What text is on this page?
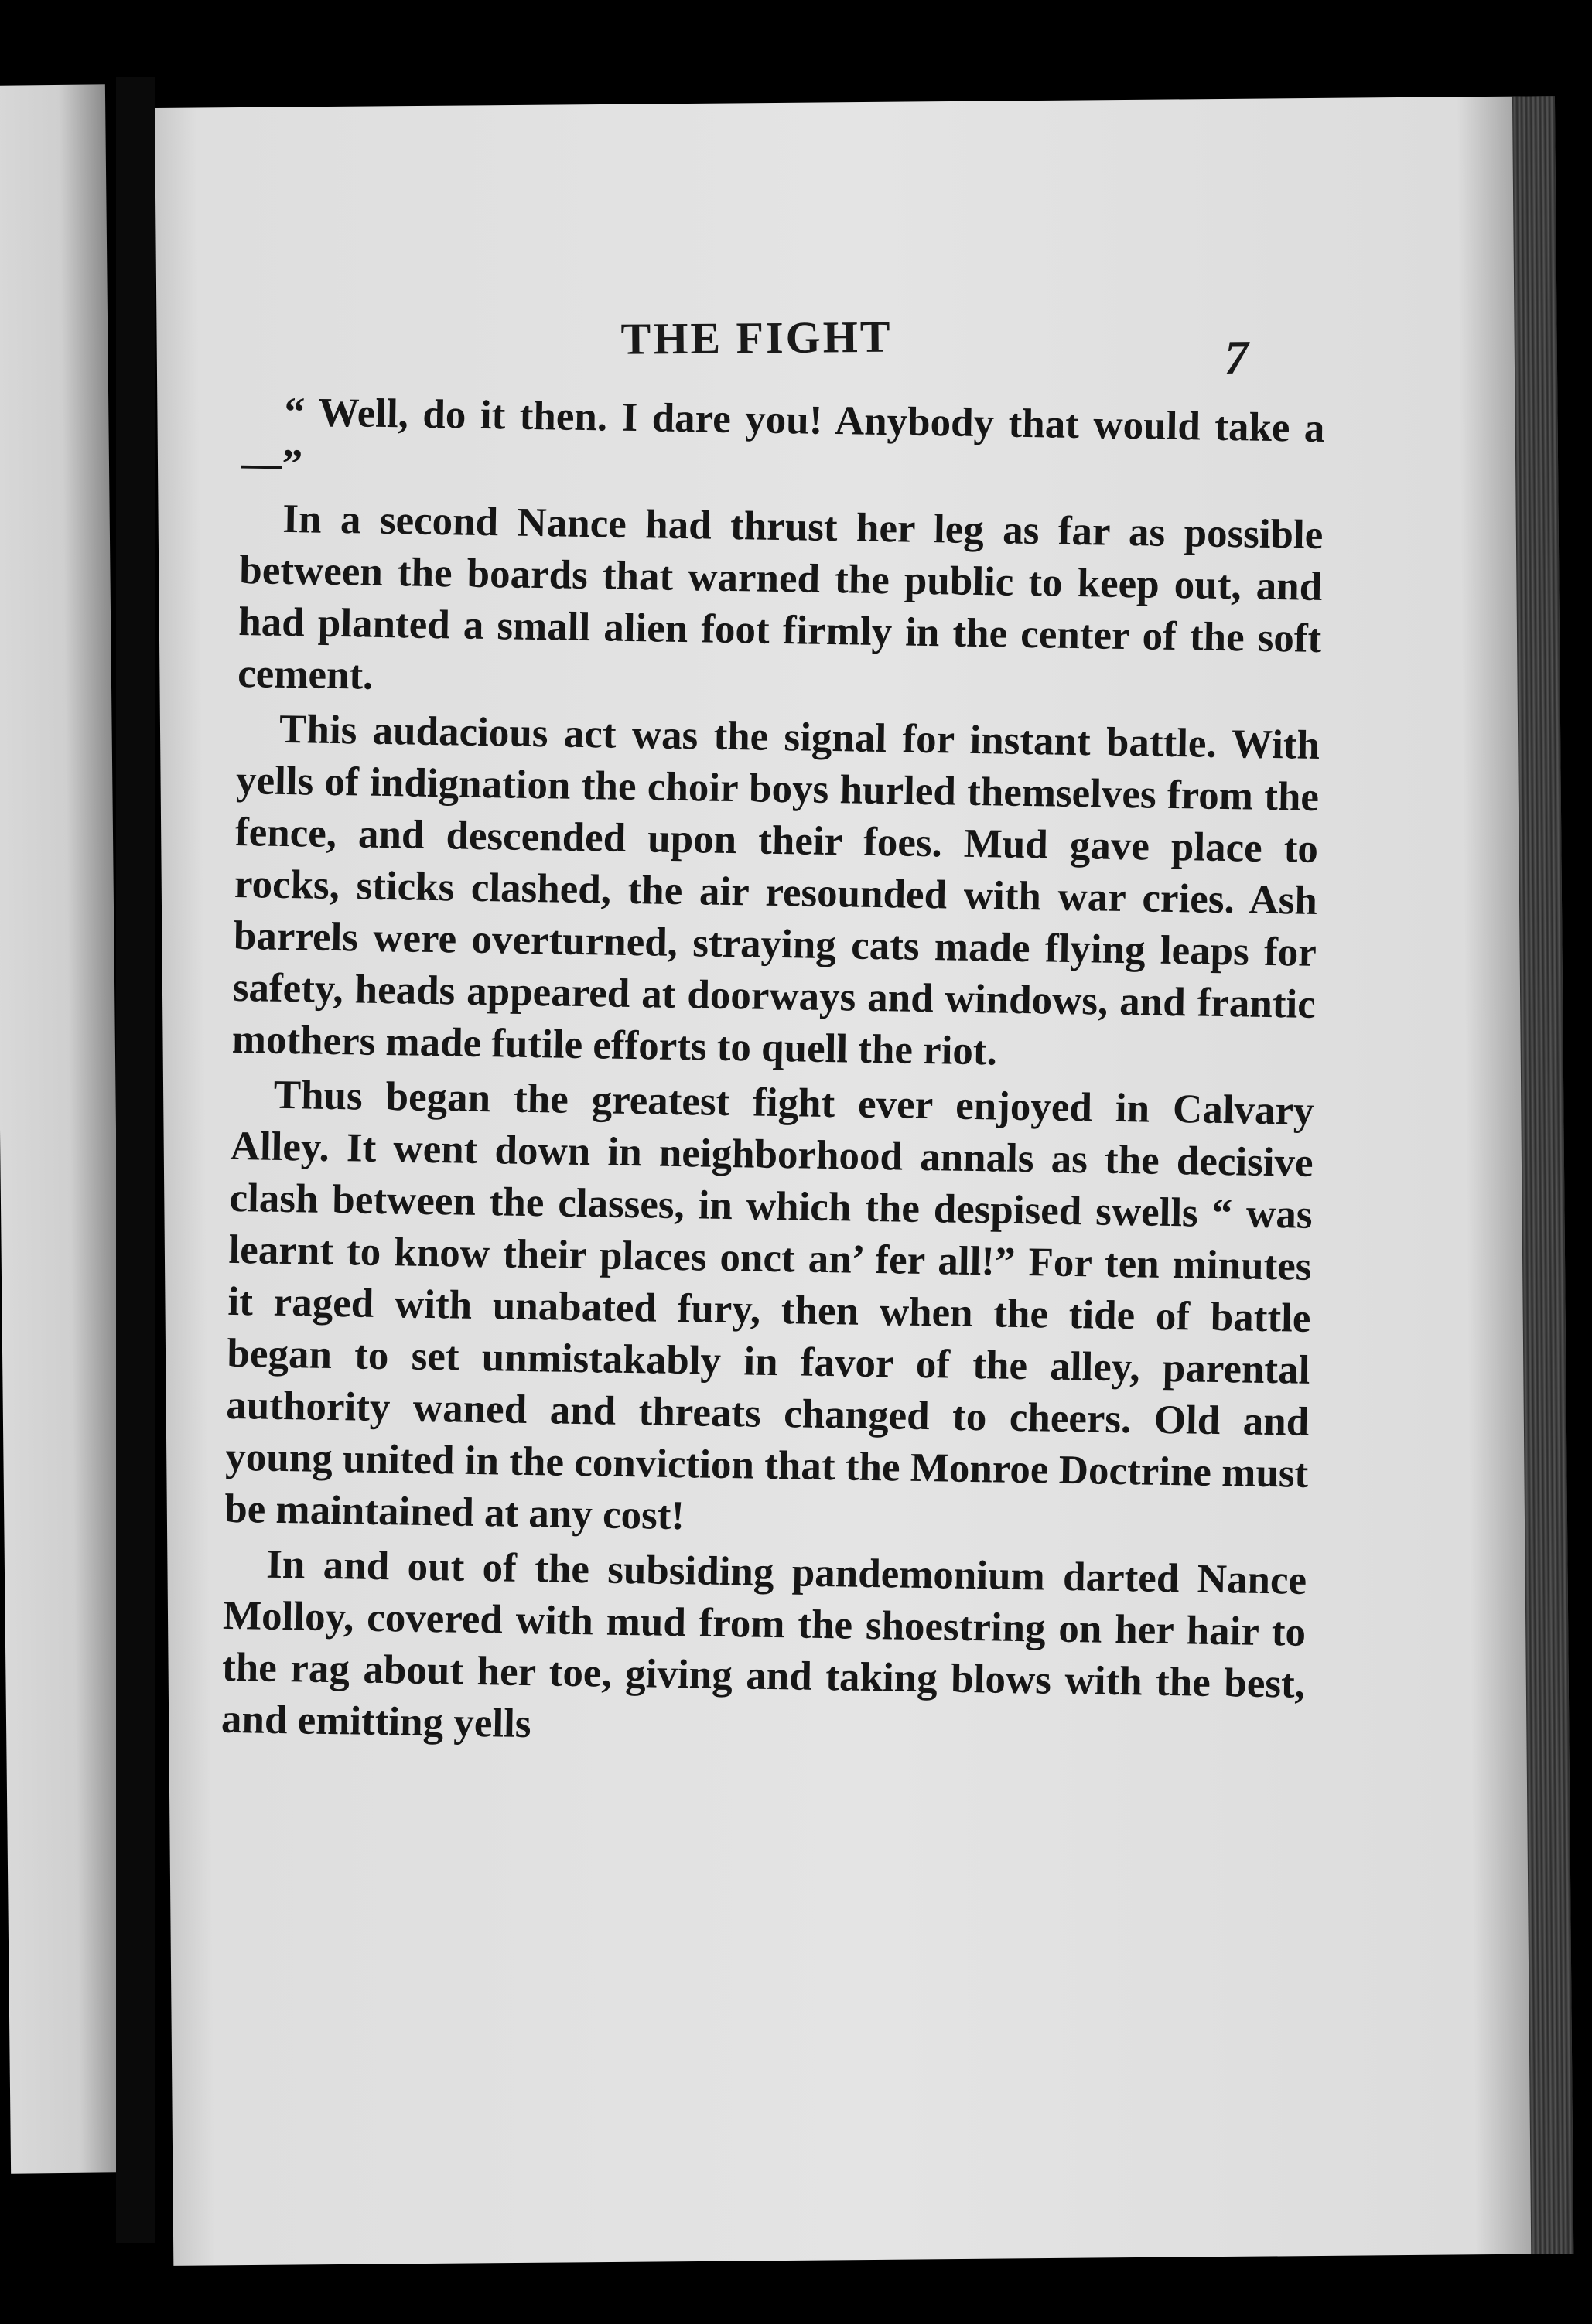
THE FIGHT	7

“ Well, do it then. I dare you! Anybody that would take a —”

In a second Nance had thrust her leg as far as possible between the boards that warned the public to keep out, and had planted a small alien foot firmly in the center of the soft cement.

This audacious act was the signal for instant battle. With yells of indignation the choir boys hurled themselves from the fence, and descended upon their foes. Mud gave place to rocks, sticks clashed, the air resounded with war cries. Ash barrels were overturned, straying cats made flying leaps for safety, heads appeared at doorways and windows, and frantic mothers made futile efforts to quell the riot.

Thus began the greatest fight ever enjoyed in Calvary Alley. It went down in neighborhood annals as the decisive clash between the classes, in which the despised swells “ was learnt to know their places onct an’ fer all!” For ten minutes it raged with unabated fury, then when the tide of battle began to set unmistakably in favor of the alley, parental authority waned and threats changed to cheers. Old and young united in the conviction that the Monroe Doctrine must be maintained at any cost!

In and out of the subsiding pandemonium darted Nance Molloy, covered with mud from the shoestring on her hair to the rag about her toe, giving and taking blows with the best, and emitting yells
